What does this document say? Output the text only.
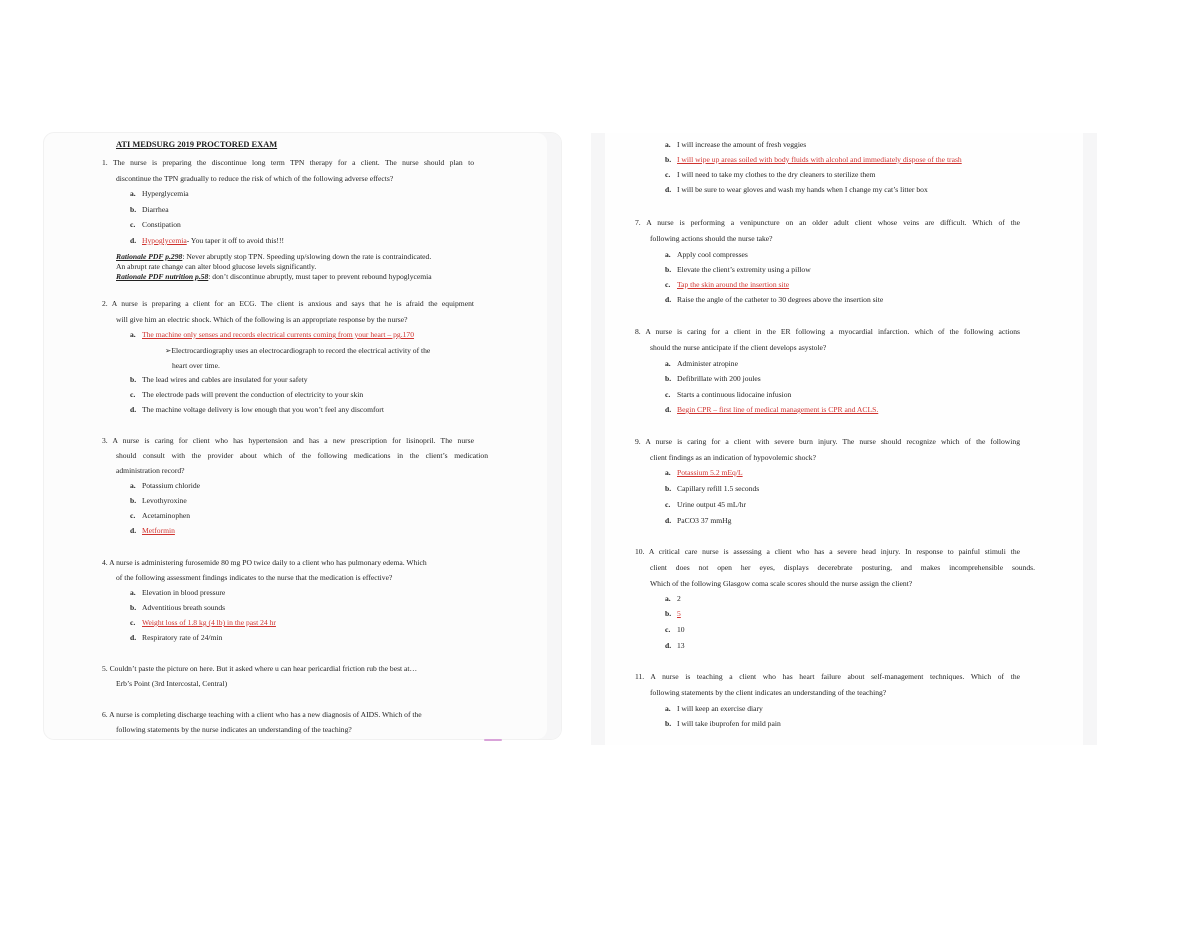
ATI MEDSURG 2019 PROCTORED EXAM
1. The nurse is preparing the discontinue long term TPN therapy for a client. The nurse should plan to
discontinue the TPN gradually to reduce the risk of which of the following adverse effects?
a. Hyperglycemia
b. Diarrhea
c. Constipation
d. Hypoglycemia- You taper it off to avoid this!!!
Rationale PDF p.298: Never abruptly stop TPN. Speeding up/slowing down the rate is contraindicated.
An abrupt rate change can alter blood glucose levels significantly.
Rationale PDF nutrition p.58: don’t discontinue abruptly, must taper to prevent rebound hypoglycemia
2. A nurse is preparing a client for an ECG. The client is anxious and says that he is afraid the equipment
will give him an electric shock. Which of the following is an appropriate response by the nurse?
a. The machine only senses and records electrical currents coming from your heart – pg.170
➢Electrocardiography uses an electrocardiograph to record the electrical activity of the
heart over time.
b. The lead wires and cables are insulated for your safety
c. The electrode pads will prevent the conduction of electricity to your skin
d. The machine voltage delivery is low enough that you won’t feel any discomfort
3. A nurse is caring for client who has hypertension and has a new prescription for lisinopril. The nurse
should consult with the provider about which of the following medications in the client’s medication
administration record?
a. Potassium chloride
b. Levothyroxine
c. Acetaminophen
d. Metformin
4. A nurse is administering furosemide 80 mg PO twice daily to a client who has pulmonary edema. Which
of the following assessment findings indicates to the nurse that the medication is effective?
a. Elevation in blood pressure
b. Adventitious breath sounds
c. Weight loss of 1.8 kg (4 lb) in the past 24 hr
d. Respiratory rate of 24/min
5. Couldn’t paste the picture on here. But it asked where u can hear pericardial friction rub the best at…
Erb’s Point (3rd Intercostal, Central)
6. A nurse is completing discharge teaching with a client who has a new diagnosis of AIDS. Which of the
following statements by the nurse indicates an understanding of the teaching?
a. I will increase the amount of fresh veggies
b. I will wipe up areas soiled with body fluids with alcohol and immediately dispose of the trash
c. I will need to take my clothes to the dry cleaners to sterilize them
d. I will be sure to wear gloves and wash my hands when I change my cat’s litter box
7. A nurse is performing a venipuncture on an older adult client whose veins are difficult. Which of the
following actions should the nurse take?
a. Apply cool compresses
b. Elevate the client’s extremity using a pillow
c. Tap the skin around the insertion site
d. Raise the angle of the catheter to 30 degrees above the insertion site
8. A nurse is caring for a client in the ER following a myocardial infarction. which of the following actions
should the nurse anticipate if the client develops asystole?
a. Administer atropine
b. Defibrillate with 200 joules
c. Starts a continuous lidocaine infusion
d. Begin CPR – first line of medical management is CPR and ACLS.
9. A nurse is caring for a client with severe burn injury. The nurse should recognize which of the following
client findings as an indication of hypovolemic shock?
a. Potassium 5.2 mEq/L
b. Capillary refill 1.5 seconds
c. Urine output 45 mL/hr
d. PaCO3 37 mmHg
10. A critical care nurse is assessing a client who has a severe head injury. In response to painful stimuli the
client does not open her eyes, displays decerebrate posturing, and makes incomprehensible sounds.
Which of the following Glasgow coma scale scores should the nurse assign the client?
a. 2
b. 5
c. 10
d. 13
11. A nurse is teaching a client who has heart failure about self-management techniques. Which of the
following statements by the client indicates an understanding of the teaching?
a. I will keep an exercise diary
b. I will take ibuprofen for mild pain
